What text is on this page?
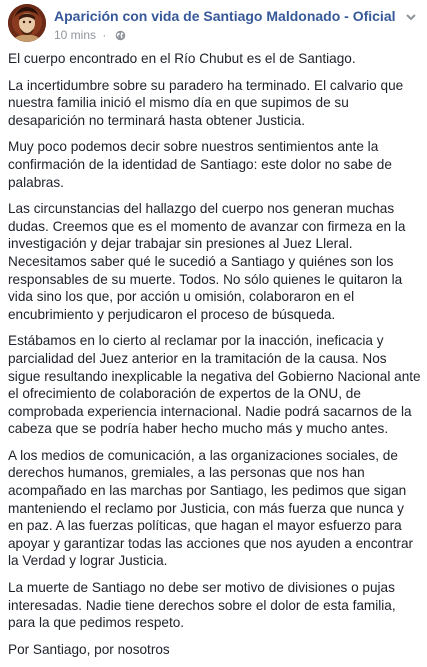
Aparición con vida de Santiago Maldonado - Oficial
10 mins ·

El cuerpo encontrado en el Río Chubut es el de Santiago.

La incertidumbre sobre su paradero ha terminado. El calvario que nuestra familia inició el mismo día en que supimos de su desaparición no terminará hasta obtener Justicia.

Muy poco podemos decir sobre nuestros sentimientos ante la confirmación de la identidad de Santiago: este dolor no sabe de palabras.

Las circunstancias del hallazgo del cuerpo nos generan muchas dudas. Creemos que es el momento de avanzar con firmeza en la investigación y dejar trabajar sin presiones al Juez Lleral. Necesitamos saber qué le sucedió a Santiago y quiénes son los responsables de su muerte. Todos. No sólo quienes le quitaron la vida sino los que, por acción u omisión, colaboraron en el encubrimiento y perjudicaron el proceso de búsqueda.

Estábamos en lo cierto al reclamar por la inacción, ineficacia y parcialidad del Juez anterior en la tramitación de la causa. Nos sigue resultando inexplicable la negativa del Gobierno Nacional ante el ofrecimiento de colaboración de expertos de la ONU, de comprobada experiencia internacional. Nadie podrá sacarnos de la cabeza que se podría haber hecho mucho más y mucho antes.

A los medios de comunicación, a las organizaciones sociales, de derechos humanos, gremiales, a las personas que nos han acompañado en las marchas por Santiago, les pedimos que sigan manteniendo el reclamo por Justicia, con más fuerza que nunca y en paz. A las fuerzas políticas, que hagan el mayor esfuerzo para apoyar y garantizar todas las acciones que nos ayuden a encontrar la Verdad y lograr Justicia.

La muerte de Santiago no debe ser motivo de divisiones o pujas interesadas. Nadie tiene derechos sobre el dolor de esta familia, para la que pedimos respeto.

Por Santiago, por nosotros
